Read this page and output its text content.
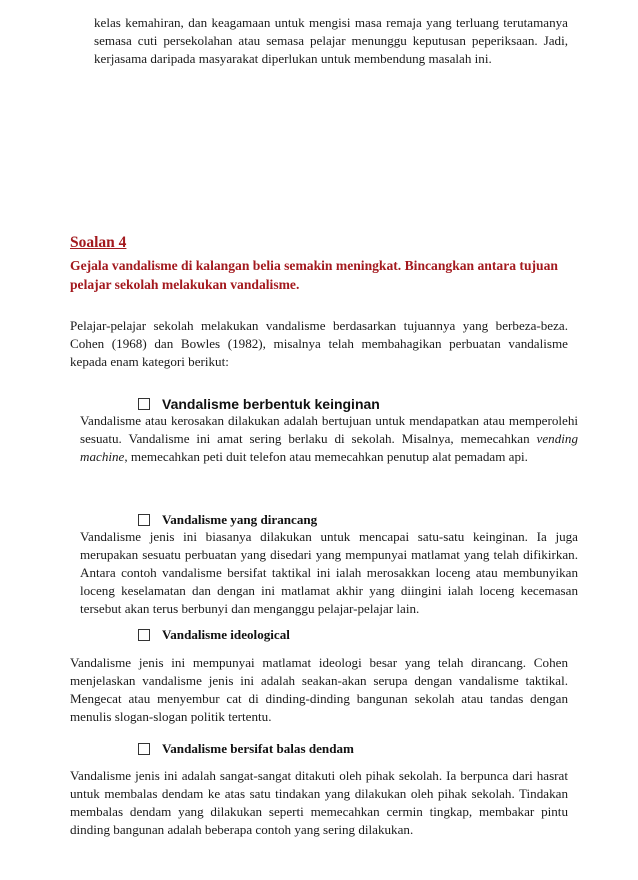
kelas kemahiran, dan keagamaan untuk mengisi masa remaja yang terluang terutamanya semasa cuti persekolahan atau semasa pelajar menunggu keputusan peperiksaan. Jadi, kerjasama daripada masyarakat diperlukan untuk membendung masalah ini.

Soalan 4
Gejala vandalisme di kalangan belia semakin meningkat. Bincangkan antara tujuan pelajar sekolah melakukan vandalisme.

Pelajar-pelajar sekolah melakukan vandalisme berdasarkan tujuannya yang berbeza-beza. Cohen (1968) dan Bowles (1982), misalnya telah membahagikan perbuatan vandalisme kepada enam kategori berikut:

Vandalisme berbentuk keinginan

Vandalisme atau kerosakan dilakukan adalah bertujuan untuk mendapatkan atau memperolehi sesuatu. Vandalisme ini amat sering berlaku di sekolah. Misalnya, memecahkan vending machine, memecahkan peti duit telefon atau memecahkan penutup alat pemadam api.

Vandalisme yang dirancang

Vandalisme jenis ini biasanya dilakukan untuk mencapai satu-satu keinginan. Ia juga merupakan sesuatu perbuatan yang disedari yang mempunyai matlamat yang telah difikirkan. Antara contoh vandalisme bersifat taktikal ini ialah merosakkan loceng atau membunyikan loceng keselamatan dan dengan ini matlamat akhir yang diingini ialah loceng kecemasan tersebut akan terus berbunyi dan menganggu pelajar-pelajar lain.

Vandalisme ideological

Vandalisme jenis ini mempunyai matlamat ideologi besar yang telah dirancang. Cohen menjelaskan vandalisme jenis ini adalah seakan-akan serupa dengan vandalisme taktikal. Mengecat atau menyembur cat di dinding-dinding bangunan sekolah atau tandas dengan menulis slogan-slogan politik tertentu.

Vandalisme bersifat balas dendam

Vandalisme jenis ini adalah sangat-sangat ditakuti oleh pihak sekolah. Ia berpunca dari hasrat untuk membalas dendam ke atas satu tindakan yang dilakukan oleh pihak sekolah. Tindakan membalas dendam yang dilakukan seperti memecahkan cermin tingkap, membakar pintu dinding bangunan adalah beberapa contoh yang sering dilakukan.
